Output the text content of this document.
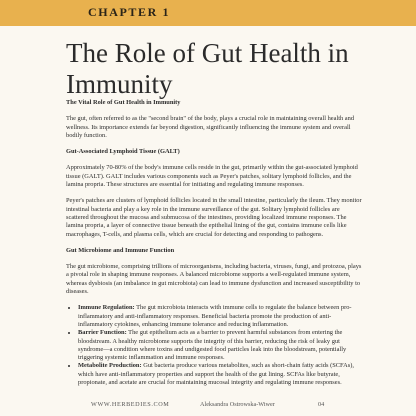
CHAPTER 1
The Role of Gut Health in Immunity

The Vital Role of Gut Health in Immunity

The gut, often referred to as the "second brain" of the body, plays a crucial role in maintaining overall health and wellness. Its importance extends far beyond digestion, significantly influencing the immune system and overall bodily function.

Gut-Associated Lymphoid Tissue (GALT)

Approximately 70-80% of the body's immune cells reside in the gut, primarily within the gut-associated lymphoid tissue (GALT). GALT includes various components such as Peyer's patches, solitary lymphoid follicles, and the lamina propria. These structures are essential for initiating and regulating immune responses.

Peyer's patches are clusters of lymphoid follicles located in the small intestine, particularly the ileum. They monitor intestinal bacteria and play a key role in the immune surveillance of the gut. Solitary lymphoid follicles are scattered throughout the mucosa and submucosa of the intestines, providing localized immune responses. The lamina propria, a layer of connective tissue beneath the epithelial lining of the gut, contains immune cells like macrophages, T-cells, and plasma cells, which are crucial for detecting and responding to pathogens.

Gut Microbiome and Immune Function

The gut microbiome, comprising trillions of microorganisms, including bacteria, viruses, fungi, and protozoa, plays a pivotal role in shaping immune responses. A balanced microbiome supports a well-regulated immune system, whereas dysbiosis (an imbalance in gut microbiota) can lead to immune dysfunction and increased susceptibility to diseases.

• Immune Regulation: The gut microbiota interacts with immune cells to regulate the balance between pro-inflammatory and anti-inflammatory responses. Beneficial bacteria promote the production of anti-inflammatory cytokines, enhancing immune tolerance and reducing inflammation.
• Barrier Function: The gut epithelium acts as a barrier to prevent harmful substances from entering the bloodstream. A healthy microbiome supports the integrity of this barrier, reducing the risk of leaky gut syndrome—a condition where toxins and undigested food particles leak into the bloodstream, potentially triggering systemic inflammation and immune responses.
• Metabolite Production: Gut bacteria produce various metabolites, such as short-chain fatty acids (SCFAs), which have anti-inflammatory properties and support the health of the gut lining. SCFAs like butyrate, propionate, and acetate are crucial for maintaining mucosal integrity and regulating immune responses.
WWW.HERBEDIES.COM	Aleksandra Ostrowska-Wiwer	04
